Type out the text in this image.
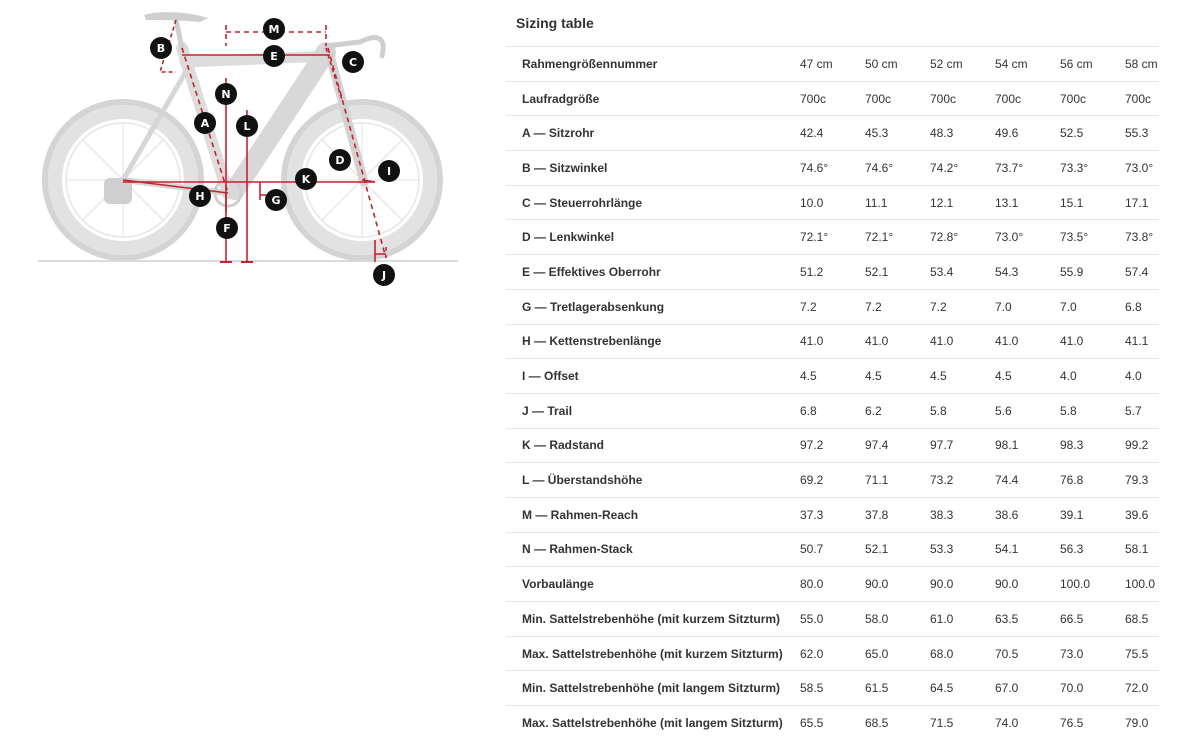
M
E
B
C
N
A	L
D
I
K
H	G
F
J
Sizing table
Rahmengrößennummer	47 cm	50 cm	52 cm	54 cm	56 cm	58 cm
Laufradgröße	700c	700c	700c	700c	700c	700c
A — Sitzrohr	42.4	45.3	48.3	49.6	52.5	55.3
B — Sitzwinkel	74.6°	74.6°	74.2°	73.7°	73.3°	73.0°
C — Steuerrohrlänge	10.0	11.1	12.1	13.1	15.1	17.1
D — Lenkwinkel	72.1°	72.1°	72.8°	73.0°	73.5°	73.8°
E — Effektives Oberrohr	51.2	52.1	53.4	54.3	55.9	57.4
G — Tretlagerabsenkung	7.2	7.2	7.2	7.0	7.0	6.8
H — Kettenstrebenlänge	41.0	41.0	41.0	41.0	41.0	41.1
I — Offset	4.5	4.5	4.5	4.5	4.0	4.0
J — Trail	6.8	6.2	5.8	5.6	5.8	5.7
K — Radstand	97.2	97.4	97.7	98.1	98.3	99.2
L — Überstandshöhe	69.2	71.1	73.2	74.4	76.8	79.3
M — Rahmen-Reach	37.3	37.8	38.3	38.6	39.1	39.6
N — Rahmen-Stack	50.7	52.1	53.3	54.1	56.3	58.1
Vorbaulänge	80.0	90.0	90.0	90.0	100.0	100.0
Min. Sattelstrebenhöhe (mit kurzem Sitzturm)	55.0	58.0	61.0	63.5	66.5	68.5
Max. Sattelstrebenhöhe (mit kurzem Sitzturm)	62.0	65.0	68.0	70.5	73.0	75.5
Min. Sattelstrebenhöhe (mit langem Sitzturm)	58.5	61.5	64.5	67.0	70.0	72.0
Max. Sattelstrebenhöhe (mit langem Sitzturm)	65.5	68.5	71.5	74.0	76.5	79.0
